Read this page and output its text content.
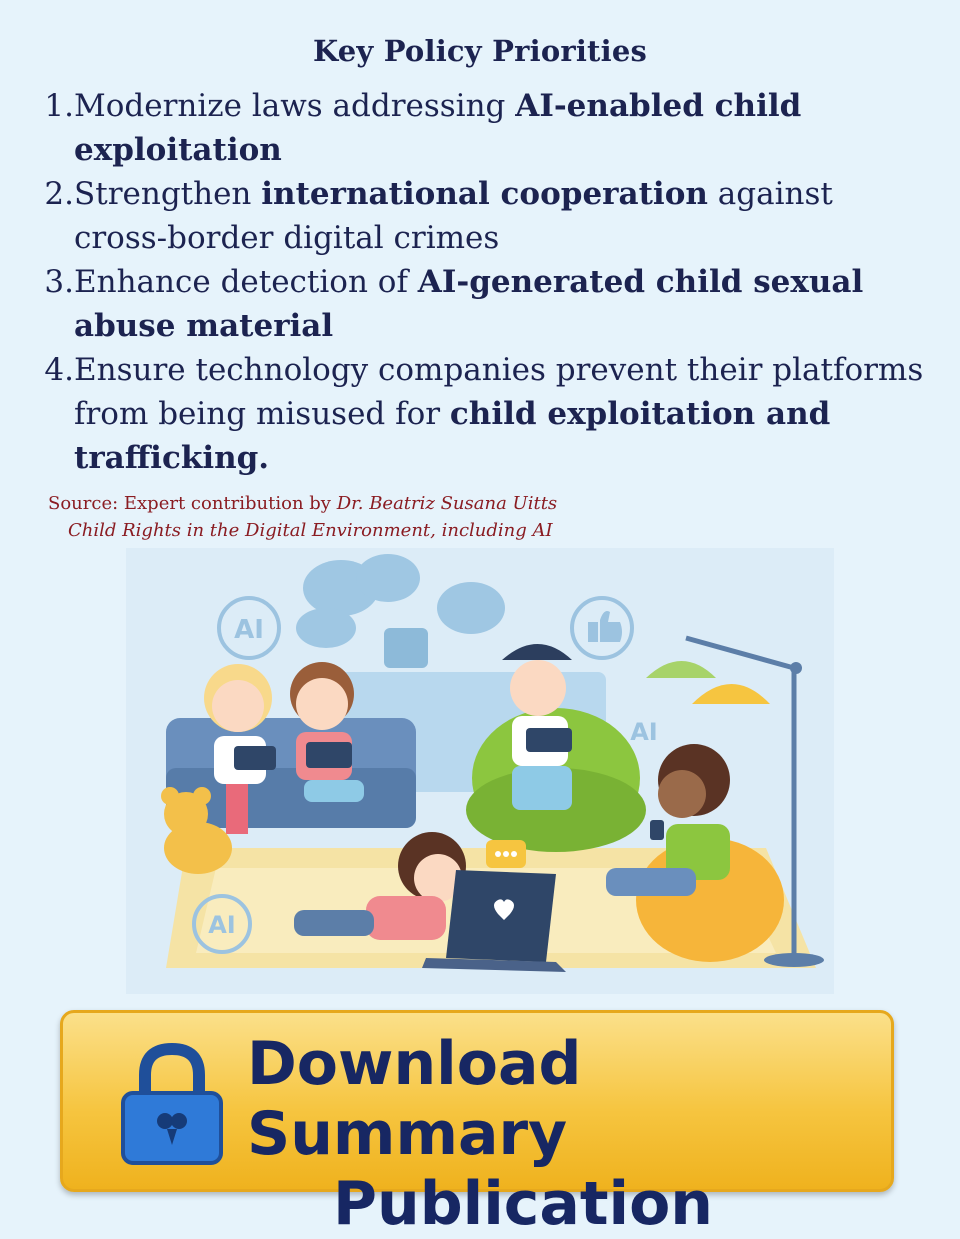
Key Policy Priorities
1. Modernize laws addressing AI-enabled child exploitation
2. Strengthen international cooperation against cross-border digital crimes
3. Enhance detection of AI-generated child sexual abuse material
4. Ensure technology companies prevent their platforms from being misused for child exploitation and trafficking.
Source: Expert contribution by Dr. Beatriz Susana Uitts
Child Rights in the Digital Environment, including AI
AI
AI
AI
Download Summary
Publication
